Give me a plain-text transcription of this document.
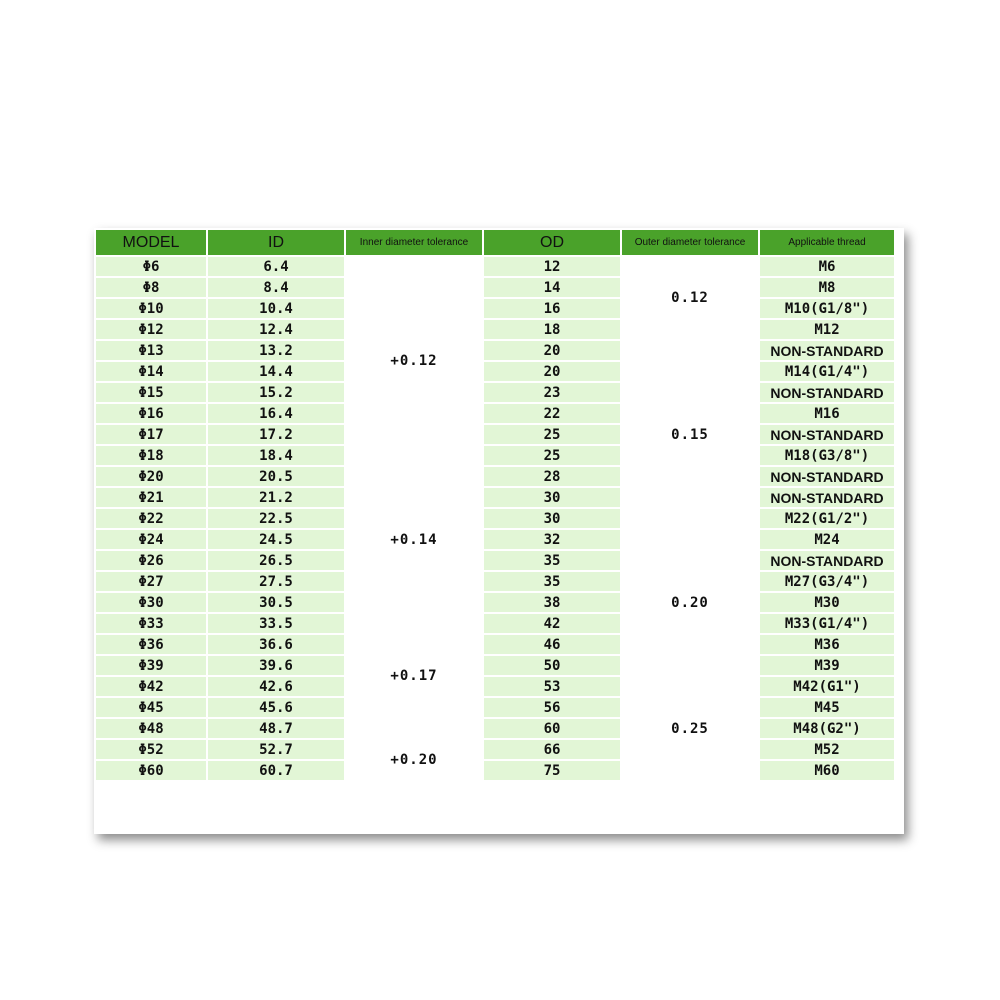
MODEL	ID	Inner diameter tolerance	OD	Outer diameter tolerance	Applicable thread
Φ6	6.4	+0.12	12	0.12	M6
Φ8	8.4		14		M8
Φ10	10.4		16		M10(G1/8")
Φ12	12.4		18		M12
Φ13	13.2		20	0.15	NON-STANDARD
Φ14	14.4		20		M14(G1/4")
Φ15	15.2		23		NON-STANDARD
Φ16	16.4		22		M16
Φ17	17.2		25		NON-STANDARD
Φ18	18.4		25		M18(G3/8")
Φ20	20.5	+0.14	28		NON-STANDARD
Φ21	21.2		30		NON-STANDARD
Φ22	22.5		30		M22(G1/2")
Φ24	24.5		32	0.20	M24
Φ26	26.5		35		NON-STANDARD
Φ27	27.5		35		M27(G3/4")
Φ30	30.5		38		M30
Φ33	33.5	+0.17	42		M33(G1/4")
Φ36	36.6		46		M36
Φ39	39.6		50		M39
Φ42	42.6		53	0.25	M42(G1")
Φ45	45.6		56		M45
Φ48	48.7		60		M48(G2")
Φ52	52.7	+0.20	66		M52
Φ60	60.7		75		M60
